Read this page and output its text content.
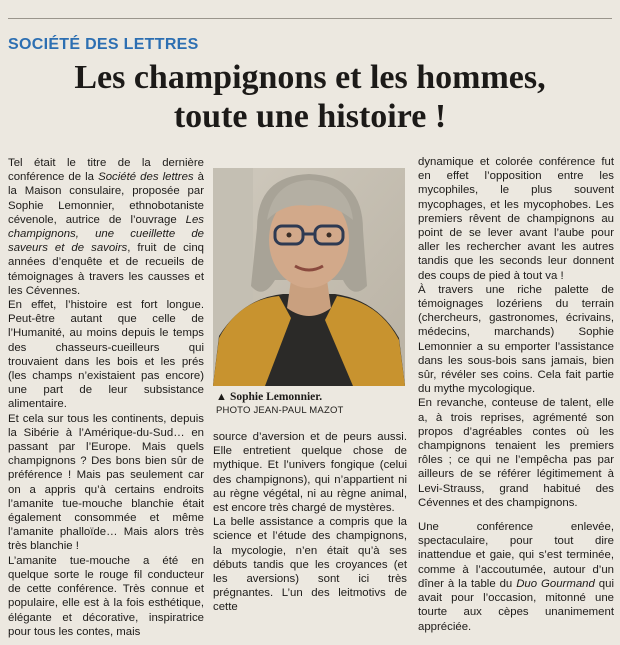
SOCIÉTÉ DES LETTRES
Les champignons et les hommes,
toute une histoire !

Tel était le titre de la dernière conférence de la Société des lettres à la Maison consulaire, proposée par Sophie Lemonnier, ethnobotaniste cévenole, autrice de l’ouvrage Les champignons, une cueillette de saveurs et de savoirs, fruit de cinq années d’enquête et de recueils de témoignages à travers les causses et les Cévennes.

En effet, l’histoire est fort longue. Peut-être autant que celle de l’Humanité, au moins depuis le temps des chasseurs-cueilleurs qui trouvaient dans les bois et les prés (les champs n’existaient pas encore) une part de leur subsistance alimentaire.

Et cela sur tous les continents, depuis la Sibérie à l’Amérique-du-Sud… en passant par l’Europe. Mais quels champignons ? Des bons bien sûr de préférence ! Mais pas seulement car on a appris qu’à certains endroits l’amanite tue-mouche blanchie était également consommée et même l’amanite phalloïde… Mais alors très très blanchie !

L’amanite tue-mouche a été en quelque sorte le rouge fil conducteur de cette conférence. Très connue et populaire, elle est à la fois esthétique, élégante et décorative, inspiratrice pour tous les contes, mais

▲ Sophie Lemonnier.
PHOTO JEAN-PAUL MAZOT

source d’aversion et de peurs aussi. Elle entretient quelque chose de mythique. Et l’univers fongique (celui des champignons), qui n’appartient ni au règne végétal, ni au règne animal, est encore très chargé de mystères.

La belle assistance a compris que la science et l’étude des champignons, la mycologie, n’en était qu’à ses débuts tandis que les croyances (et les aversions) sont ici très prégnantes. L’un des leitmotivs de cette

dynamique et colorée conférence fut en effet l’opposition entre les mycophiles, le plus souvent mycophages, et les mycophobes. Les premiers rêvent de champignons au point de se lever avant l’aube pour aller les rechercher avant les autres tandis que les seconds leur donnent des coups de pied à tout va !

À travers une riche palette de témoignages lozériens du terrain (chercheurs, gastronomes, écrivains, médecins, marchands) Sophie Lemonnier a su emporter l’assistance dans les sous-bois sans jamais, bien sûr, révéler ses coins. Cela fait partie du mythe mycologique.

En revanche, conteuse de talent, elle a, à trois reprises, agrémenté son propos d’agréables contes où les champignons tenaient les premiers rôles ; ce qui ne l’empêcha pas par ailleurs de se référer légitimement à Levi-Strauss, grand habitué des Cévennes et des champignons.

Une conférence enlevée, spectaculaire, pour tout dire inattendue et gaie, qui s’est terminée, comme à l’accoutumée, autour d’un dîner à la table du Duo Gourmand qui avait pour l’occasion, mitonné une tourte aux cèpes unanimement appréciée.
